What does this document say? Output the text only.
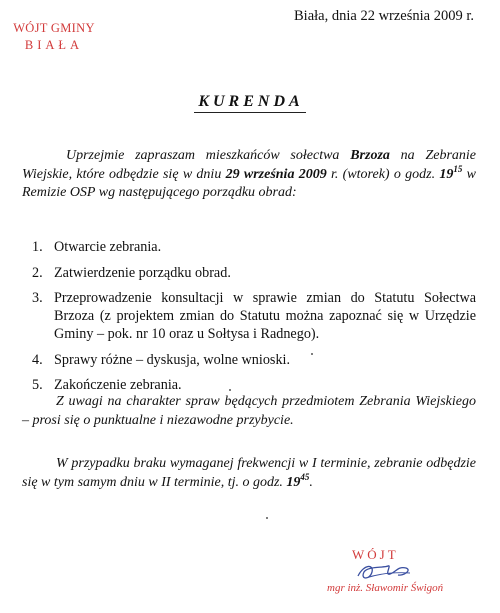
WÓJT GMINY
BIAŁA
Biała, dnia 22 września 2009 r.
KURENDA

Uprzejmie zapraszam mieszkańców sołectwa Brzoza na Zebranie Wiejskie, które odbędzie się w dniu 29 września 2009 r. (wtorek) o godz. $19^{15}$ w Remizie OSP wg następującego porządku obrad:

1. Otwarcie zebrania.
2. Zatwierdzenie porządku obrad.
3. Przeprowadzenie konsultacji w sprawie zmian do Statutu Sołectwa Brzoza (z projektem zmian do Statutu można zapoznać się w Urzędzie Gminy – pok. nr 10 oraz u Sołtysa i Radnego).
4. Sprawy różne – dyskusja, wolne wnioski.
5. Zakończenie zebrania.

Z uwagi na charakter spraw będących przedmiotem Zebrania Wiejskiego – prosi się o punktualne i niezawodne przybycie.

W przypadku braku wymaganej frekwencji w I terminie, zebranie odbędzie się w tym samym dniu w II terminie, tj. o godz. $19^{45}$.

WÓJT
mgr inż. Sławomir Świgoń
